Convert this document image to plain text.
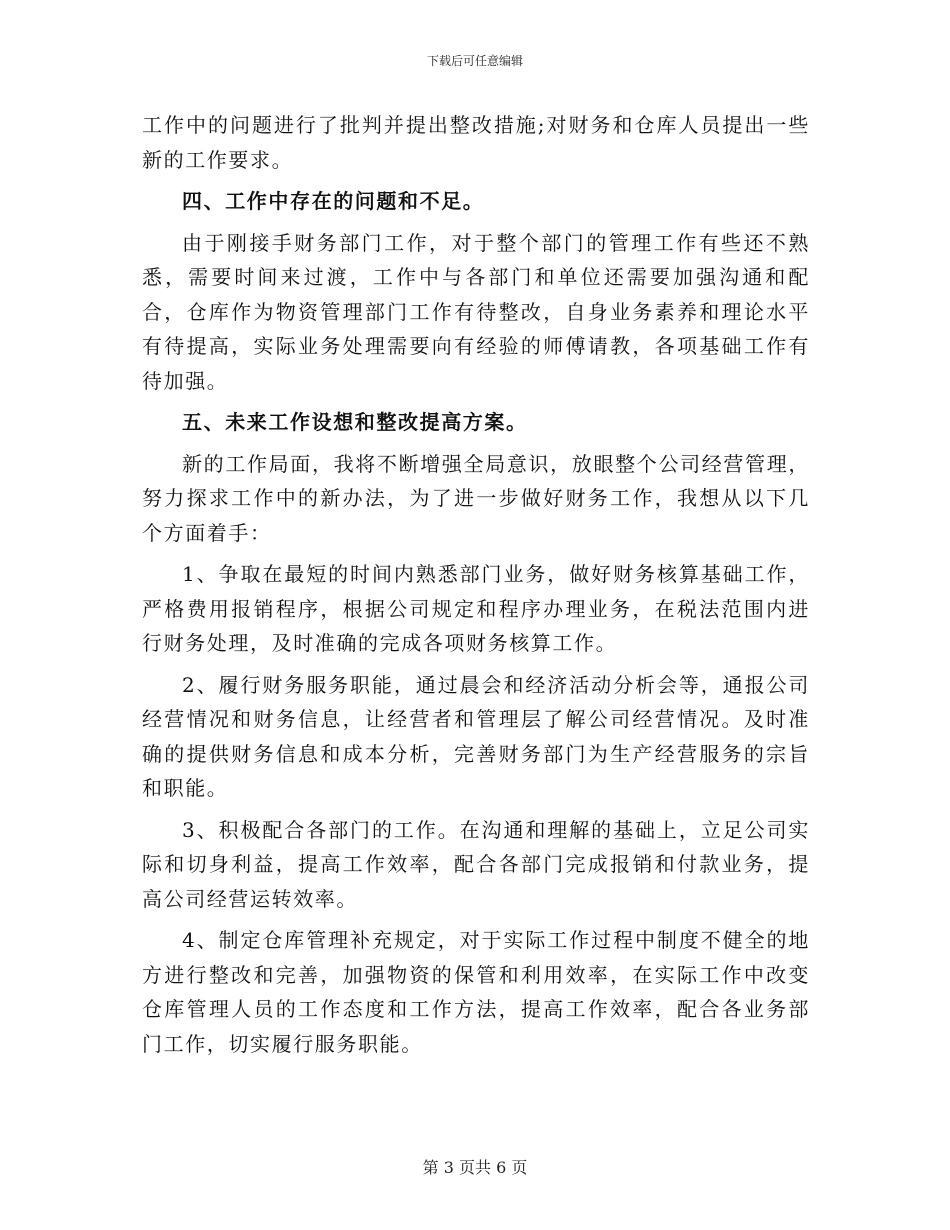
下载后可任意编辑

工作中的问题进行了批判并提出整改措施;对财务和仓库人员提出一些新的工作要求。

四、工作中存在的问题和不足。

由于刚接手财务部门工作，对于整个部门的管理工作有些还不熟悉，需要时间来过渡，工作中与各部门和单位还需要加强沟通和配合，仓库作为物资管理部门工作有待整改，自身业务素养和理论水平有待提高，实际业务处理需要向有经验的师傅请教，各项基础工作有待加强。

五、未来工作设想和整改提高方案。

新的工作局面，我将不断增强全局意识，放眼整个公司经营管理，努力探求工作中的新办法，为了进一步做好财务工作，我想从以下几个方面着手：

1、争取在最短的时间内熟悉部门业务，做好财务核算基础工作，严格费用报销程序，根据公司规定和程序办理业务，在税法范围内进行财务处理，及时准确的完成各项财务核算工作。

2、履行财务服务职能，通过晨会和经济活动分析会等，通报公司经营情况和财务信息，让经营者和管理层了解公司经营情况。及时准确的提供财务信息和成本分析，完善财务部门为生产经营服务的宗旨和职能。

3、积极配合各部门的工作。在沟通和理解的基础上，立足公司实际和切身利益，提高工作效率，配合各部门完成报销和付款业务，提高公司经营运转效率。

4、制定仓库管理补充规定，对于实际工作过程中制度不健全的地方进行整改和完善，加强物资的保管和利用效率，在实际工作中改变仓库管理人员的工作态度和工作方法，提高工作效率，配合各业务部门工作，切实履行服务职能。

第 3 页共 6 页
